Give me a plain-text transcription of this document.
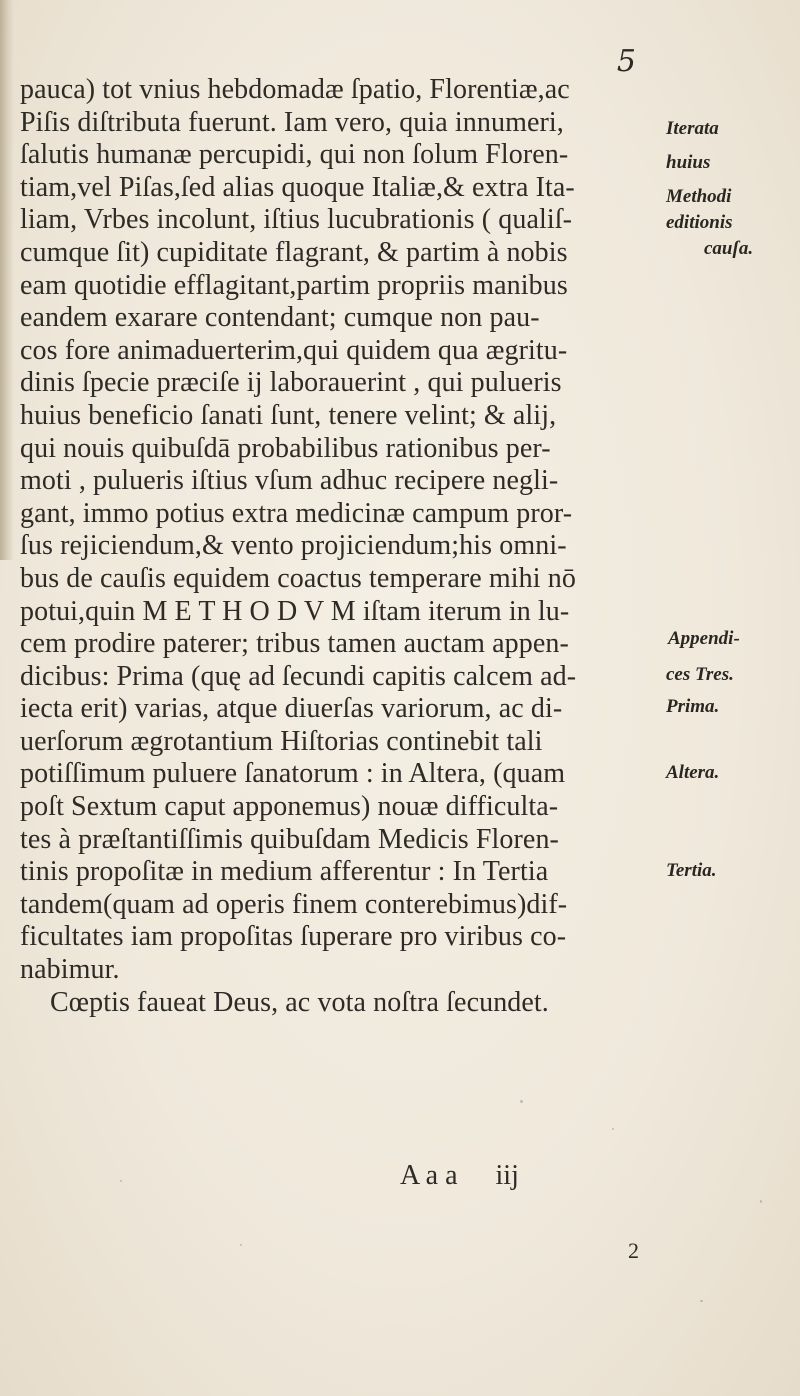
5
pauca) tot vnius hebdomadæ ſpatio, Florentiæ,ac
Piſis diſtributa fuerunt. Iam vero, quia innumeri,
ſalutis humanæ percupidi, qui non ſolum Floren-
tiam,vel Piſas,ſed alias quoque Italiæ,& extra Ita-
liam, Vrbes incolunt, iſtius lucubrationis ( qualiſ-
cumque ſit) cupiditate flagrant, & partim à nobis
eam quotidie efflagitant,partim propriis manibus
eandem exarare contendant; cumque non pau-
cos fore animaduerterim,qui quidem qua ægritu-
dinis ſpecie præciſe ij laborauerint , qui pulueris
huius beneficio ſanati ſunt, tenere velint; & alij,
qui nouis quibuſdā probabilibus rationibus per-
moti , pulueris iſtius vſum adhuc recipere negli-
gant, immo potius extra medicinæ campum pror-
ſus rejiciendum,& vento projiciendum;his omni-
bus de cauſis equidem coactus temperare mihi nō
potui,quin M E T H O D V M iſtam iterum in lu-
cem prodire paterer; tribus tamen auctam appen-
dicibus: Prima (quę ad ſecundi capitis calcem ad-
iecta erit) varias, atque diuerſas variorum, ac di-
uerſorum ægrotantium Hiſtorias continebit tali
potiſſimum puluere ſanatorum : in Altera, (quam
poſt Sextum caput apponemus) nouæ difficulta-
tes à præſtantiſſimis quibuſdam Medicis Floren-
tinis propoſitæ in medium afferentur : In Tertia
tandem(quam ad operis finem conterebimus)dif-
ficultates iam propoſitas ſuperare pro viribus co-
nabimur.
Cœptis faueat Deus, ac vota noſtra ſecundet.
Iterata
huius
Methodi
editionis
cauſa.
Appendi-
ces Tres.
Prima.
Altera.
Tertia.
A a a iij
2
